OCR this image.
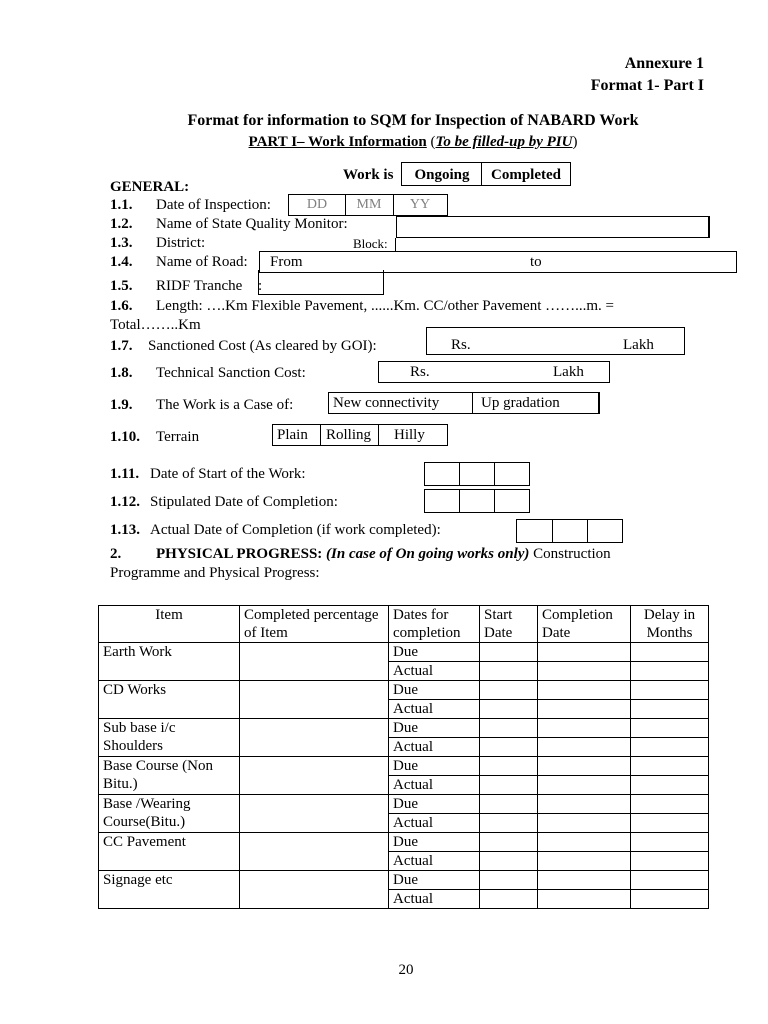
Annexure 1
Format 1- Part I
Format for information to SQM for Inspection of NABARD Work
PART I– Work Information (To be filled-up by PIU)
Work is	Ongoing	Completed
GENERAL:
1.1. Date of Inspection:	DD	MM	YY
1.2. Name of State Quality Monitor:
1.3. District:	Block:
1.4. Name of Road: From	to
1.5. RIDF Tranche :
1.6. Length: ….Km Flexible Pavement, ......Km. CC/other Pavement ……...m. =
Total……..Km
1.7. Sanctioned Cost (As cleared by GOI):	Rs.	Lakh
1.8. Technical Sanction Cost:	Rs.	Lakh
1.9. The Work is a Case of:	New connectivity	Up gradation
1.10. Terrain	Plain Rolling Hilly
1.11. Date of Start of the Work:
1.12. Stipulated Date of Completion:
1.13. Actual Date of Completion (if work completed):
2. PHYSICAL PROGRESS: (In case of On going works only) Construction
Programme and Physical Progress:
Item	Completed percentage of Item	Dates for completion	Start Date	Completion Date	Delay in Months

Earth Work		Due			
		Actual			

CD Works		Due			
		Actual			

Sub base i/c
Shoulders		Due			
		Actual			

Base Course (Non
Bitu.)		Due			
		Actual			

Base /Wearing
Course(Bitu.)		Due			
		Actual			

CC Pavement		Due			
		Actual			

Signage etc		Due			
		Actual			
20
